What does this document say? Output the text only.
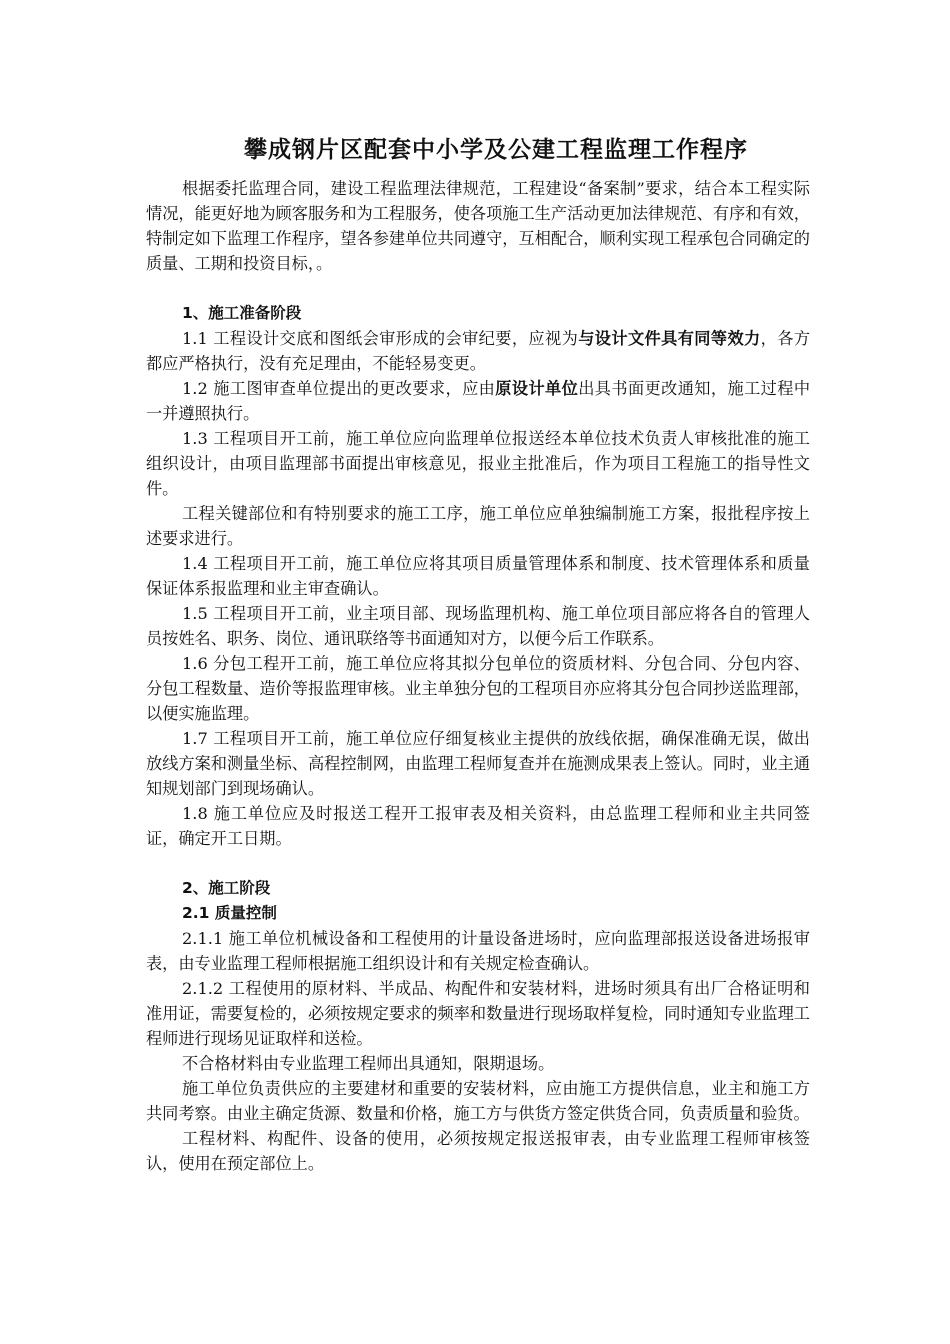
攀成钢片区配套中小学及公建工程监理工作程序

根据委托监理合同，建设工程监理法律规范，工程建设“备案制”要求，结合本工程实际情况，能更好地为顾客服务和为工程服务，使各项施工生产活动更加法律规范、有序和有效，特制定如下监理工作程序，望各参建单位共同遵守，互相配合，顺利实现工程承包合同确定的质量、工期和投资目标，。

1、施工准备阶段

1.1 工程设计交底和图纸会审形成的会审纪要，应视为与设计文件具有同等效力，各方都应严格执行，没有充足理由，不能轻易变更。

1.2 施工图审查单位提出的更改要求，应由原设计单位出具书面更改通知，施工过程中一并遵照执行。

1.3 工程项目开工前，施工单位应向监理单位报送经本单位技术负责人审核批准的施工组织设计，由项目监理部书面提出审核意见，报业主批准后，作为项目工程施工的指导性文件。

工程关键部位和有特别要求的施工工序，施工单位应单独编制施工方案，报批程序按上述要求进行。

1.4 工程项目开工前，施工单位应将其项目质量管理体系和制度、技术管理体系和质量保证体系报监理和业主审查确认。

1.5 工程项目开工前，业主项目部、现场监理机构、施工单位项目部应将各自的管理人员按姓名、职务、岗位、通讯联络等书面通知对方，以便今后工作联系。

1.6 分包工程开工前，施工单位应将其拟分包单位的资质材料、分包合同、分包内容、分包工程数量、造价等报监理审核。业主单独分包的工程项目亦应将其分包合同抄送监理部，以便实施监理。

1.7 工程项目开工前，施工单位应仔细复核业主提供的放线依据，确保准确无误，做出放线方案和测量坐标、高程控制网，由监理工程师复查并在施测成果表上签认。同时，业主通知规划部门到现场确认。

1.8 施工单位应及时报送工程开工报审表及相关资料，由总监理工程师和业主共同签证，确定开工日期。

2、施工阶段

2.1 质量控制

2.1.1 施工单位机械设备和工程使用的计量设备进场时，应向监理部报送设备进场报审表，由专业监理工程师根据施工组织设计和有关规定检查确认。

2.1.2 工程使用的原材料、半成品、构配件和安装材料，进场时须具有出厂合格证明和准用证，需要复检的，必须按规定要求的频率和数量进行现场取样复检，同时通知专业监理工程师进行现场见证取样和送检。

不合格材料由专业监理工程师出具通知，限期退场。

施工单位负责供应的主要建材和重要的安装材料，应由施工方提供信息，业主和施工方共同考察。由业主确定货源、数量和价格，施工方与供货方签定供货合同，负责质量和验货。

工程材料、构配件、设备的使用，必须按规定报送报审表，由专业监理工程师审核签认，使用在预定部位上。
